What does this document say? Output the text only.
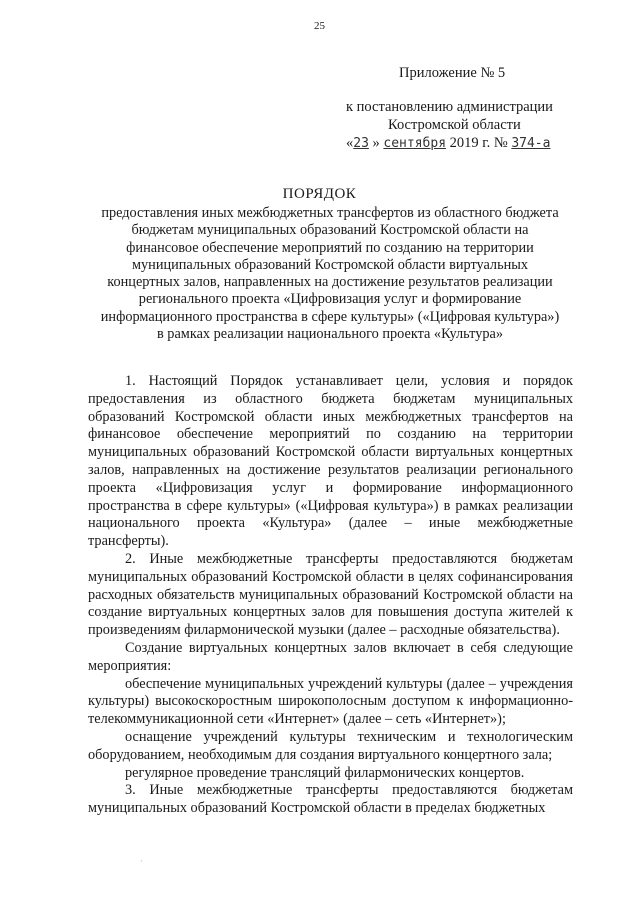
25
Приложение № 5
к постановлению администрации
Костромской области
«23 » сентября 2019 г. № 374-а
ПОРЯДОК
предоставления иных межбюджетных трансфертов из областного бюджета
бюджетам муниципальных образований Костромской области на
финансовое обеспечение мероприятий по созданию на территории
муниципальных образований Костромской области виртуальных
концертных залов, направленных на достижение результатов реализации
регионального проекта «Цифровизация услуг и формирование
информационного пространства в сфере культуры» («Цифровая культура»)
в рамках реализации национального проекта «Культура»

1. Настоящий Порядок устанавливает цели, условия и порядок предоставления из областного бюджета бюджетам муниципальных образований Костромской области иных межбюджетных трансфертов на финансовое обеспечение мероприятий по созданию на территории муниципальных образований Костромской области виртуальных концертных залов, направленных на достижение результатов реализации регионального проекта «Цифровизация услуг и формирование информационного пространства в сфере культуры» («Цифровая культура») в рамках реализации национального проекта «Культура» (далее – иные межбюджетные трансферты).

2. Иные межбюджетные трансферты предоставляются бюджетам муниципальных образований Костромской области в целях софинансирования расходных обязательств муниципальных образований Костромской области на создание виртуальных концертных залов для повышения доступа жителей к произведениям филармонической музыки (далее – расходные обязательства).

Создание виртуальных концертных залов включает в себя следующие мероприятия:

обеспечение муниципальных учреждений культуры (далее – учреждения культуры) высокоскоростным широкополосным доступом к информационно-телекоммуникационной сети «Интернет» (далее – сеть «Интернет»);

оснащение учреждений культуры техническим и технологическим оборудованием, необходимым для создания виртуального концертного зала;

регулярное проведение трансляций филармонических концертов.

3. Иные межбюджетные трансферты предоставляются бюджетам муниципальных образований Костромской области в пределах бюджетных

·
